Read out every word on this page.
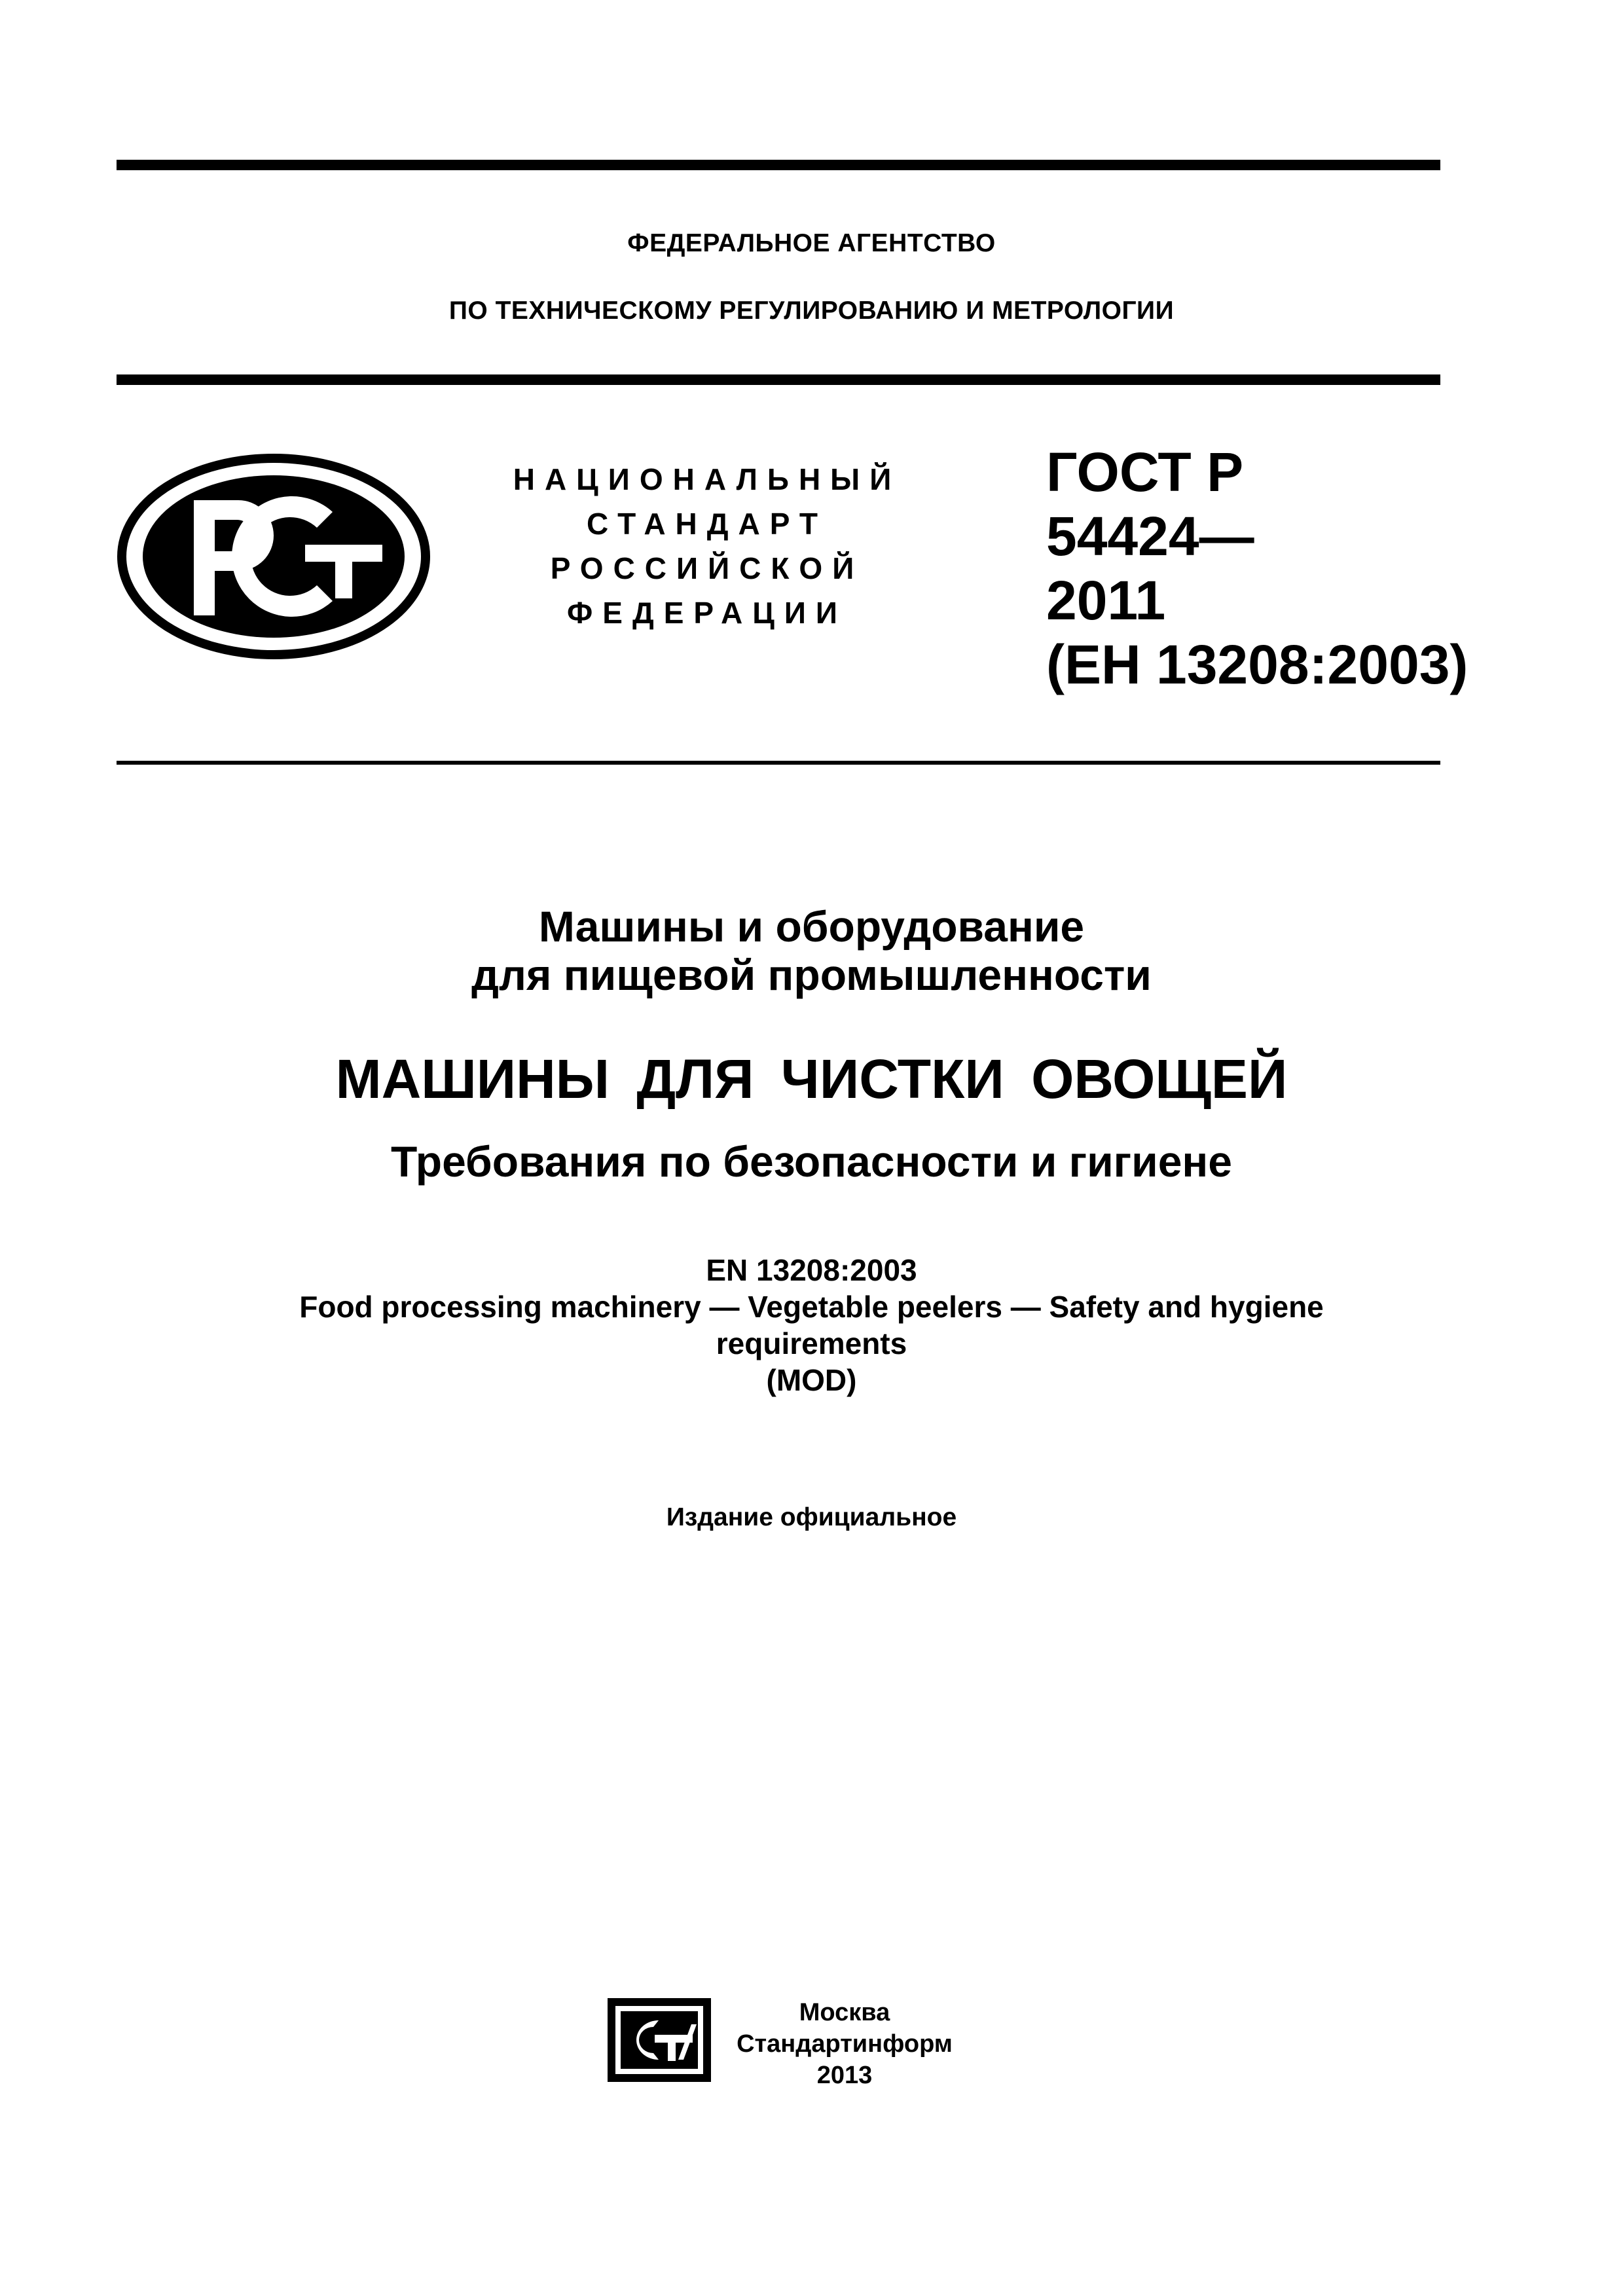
ФЕДЕРАЛЬНОЕ АГЕНТСТВО
ПО ТЕХНИЧЕСКОМУ РЕГУЛИРОВАНИЮ И МЕТРОЛОГИИ
НАЦИОНАЛЬНЫЙ
СТАНДАРТ
РОССИЙСКОЙ
ФЕДЕРАЦИИ
ГОСТ Р
54424—
2011
(ЕН 13208:2003)
Машины и оборудование
для пищевой промышленности
МАШИНЫ ДЛЯ ЧИСТКИ ОВОЩЕЙ
Требования по безопасности и гигиене
EN 13208:2003
Food processing machinery — Vegetable peelers — Safety and hygiene
requirements
(MOD)
Издание официальное
Москва
Стандартинформ
2013
